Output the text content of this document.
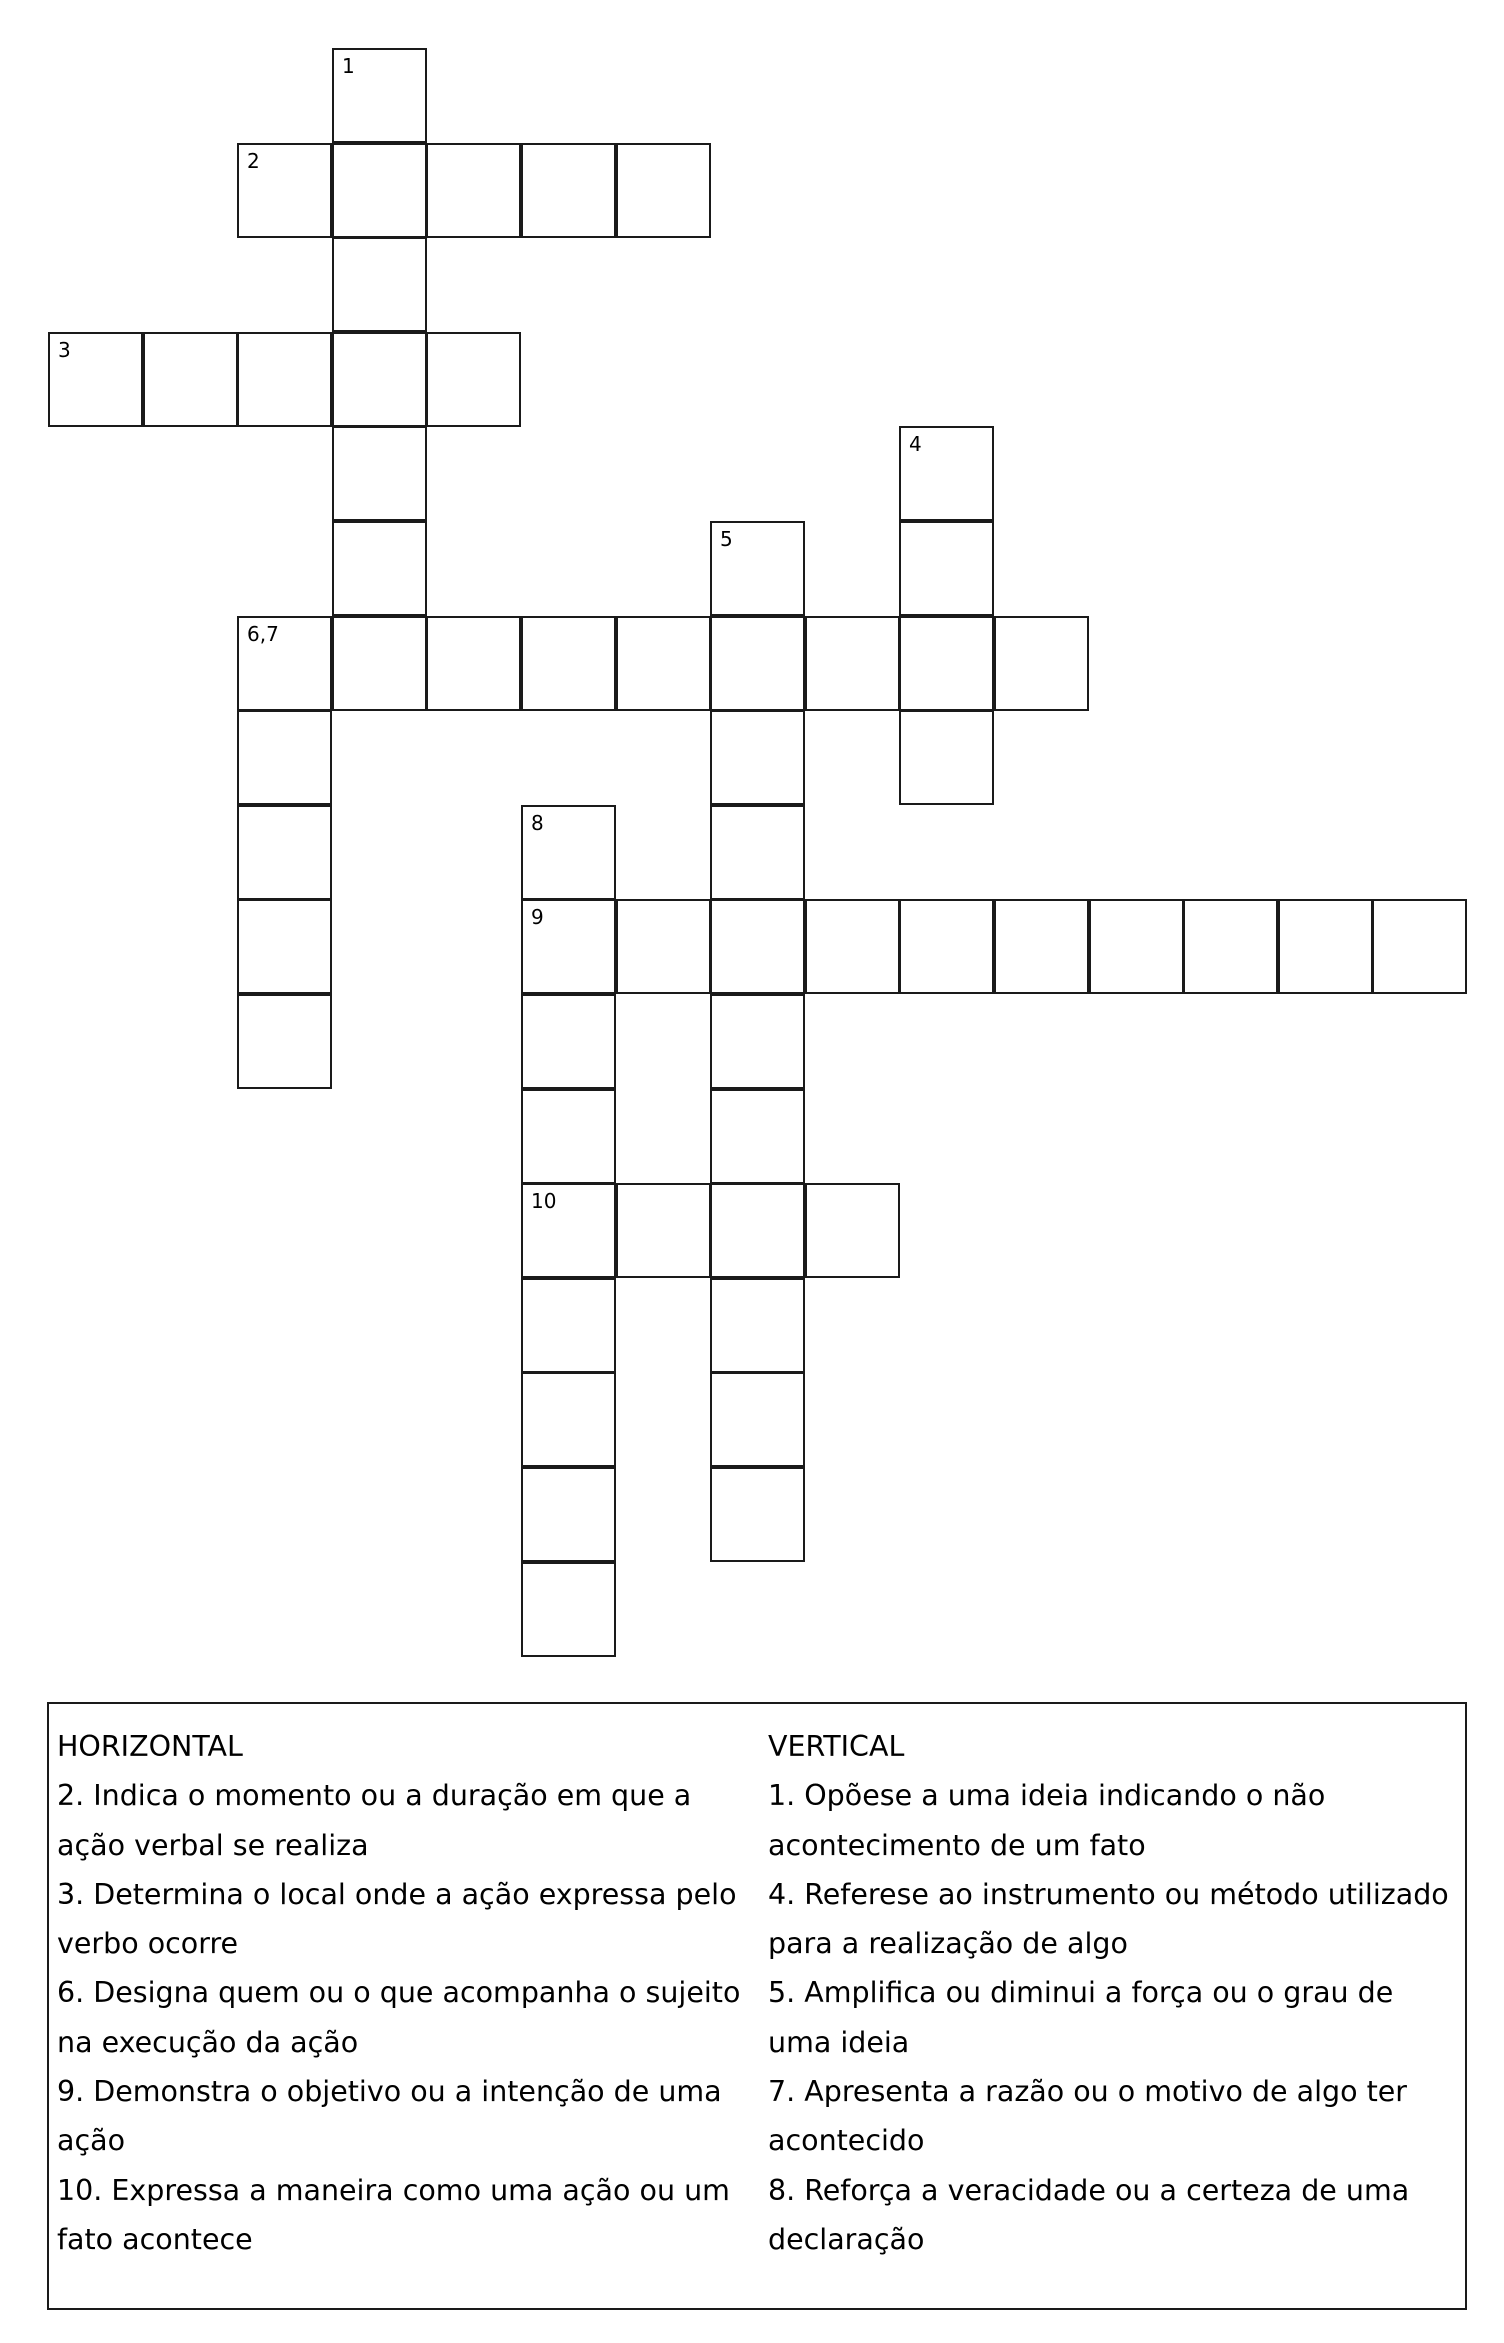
1
2
3
4
5
6,7
8
9
10
HORIZONTAL
2. Indica o momento ou a duração em que a ação verbal se realiza
3. Determina o local onde a ação expressa pelo verbo ocorre
6. Designa quem ou o que acompanha o sujeito na execução da ação
9. Demonstra o objetivo ou a intenção de uma ação
10. Expressa a maneira como uma ação ou um fato acontece
VERTICAL
1. Opõese a uma ideia indicando o não acontecimento de um fato
4. Referese ao instrumento ou método utilizado para a realização de algo
5. Amplifica ou diminui a força ou o grau de uma ideia
7. Apresenta a razão ou o motivo de algo ter acontecido
8. Reforça a veracidade ou a certeza de uma declaração
